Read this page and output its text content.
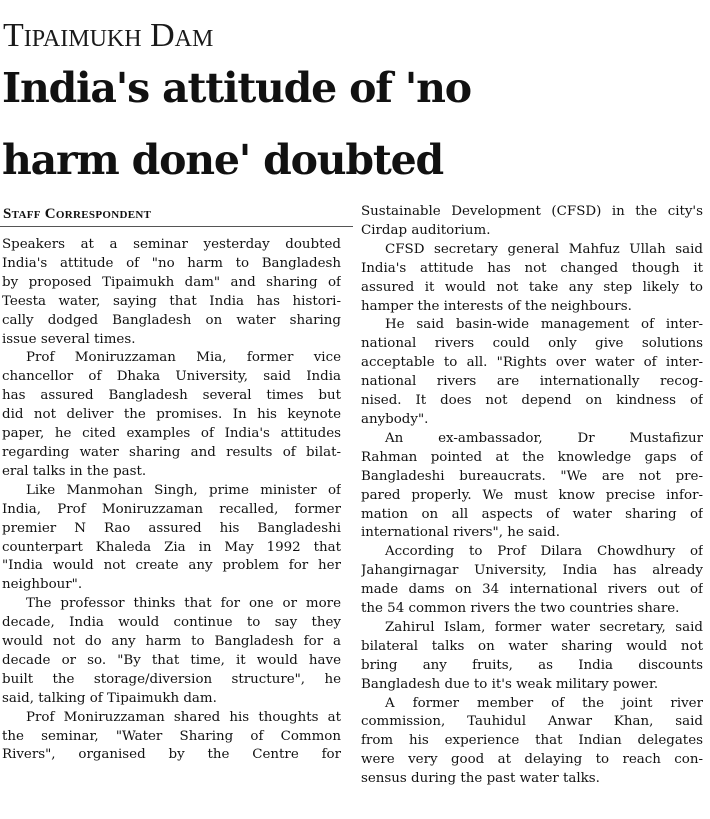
Tipaimukh Dam
India's attitude of 'no
harm done' doubted
Staff Correspondent
Speakers at a seminar yesterday doubted
India's attitude of "no harm to Bangladesh
by proposed Tipaimukh dam" and sharing of
Teesta water, saying that India has histori-
cally dodged Bangladesh on water sharing
issue several times.
Prof Moniruzzaman Mia, former vice
chancellor of Dhaka University, said India
has assured Bangladesh several times but
did not deliver the promises. In his keynote
paper, he cited examples of India's attitudes
regarding water sharing and results of bilat-
eral talks in the past.
Like Manmohan Singh, prime minister of
India, Prof Moniruzzaman recalled, former
premier N Rao assured his Bangladeshi
counterpart Khaleda Zia in May 1992 that
"India would not create any problem for her
neighbour".
The professor thinks that for one or more
decade, India would continue to say they
would not do any harm to Bangladesh for a
decade or so. "By that time, it would have
built the storage/diversion structure", he
said, talking of Tipaimukh dam.
Prof Moniruzzaman shared his thoughts at
the seminar, "Water Sharing of Common
Rivers", organised by the Centre for
Sustainable Development (CFSD) in the city's
Cirdap auditorium.
CFSD secretary general Mahfuz Ullah said
India's attitude has not changed though it
assured it would not take any step likely to
hamper the interests of the neighbours.
He said basin-wide management of inter-
national rivers could only give solutions
acceptable to all. "Rights over water of inter-
national rivers are internationally recog-
nised. It does not depend on kindness of
anybody".
An ex-ambassador, Dr Mustafizur
Rahman pointed at the knowledge gaps of
Bangladeshi bureaucrats. "We are not pre-
pared properly. We must know precise infor-
mation on all aspects of water sharing of
international rivers", he said.
According to Prof Dilara Chowdhury of
Jahangirnagar University, India has already
made dams on 34 international rivers out of
the 54 common rivers the two countries share.
Zahirul Islam, former water secretary, said
bilateral talks on water sharing would not
bring any fruits, as India discounts
Bangladesh due to it's weak military power.
A former member of the joint river
commission, Tauhidul Anwar Khan, said
from his experience that Indian delegates
were very good at delaying to reach con-
sensus during the past water talks.
